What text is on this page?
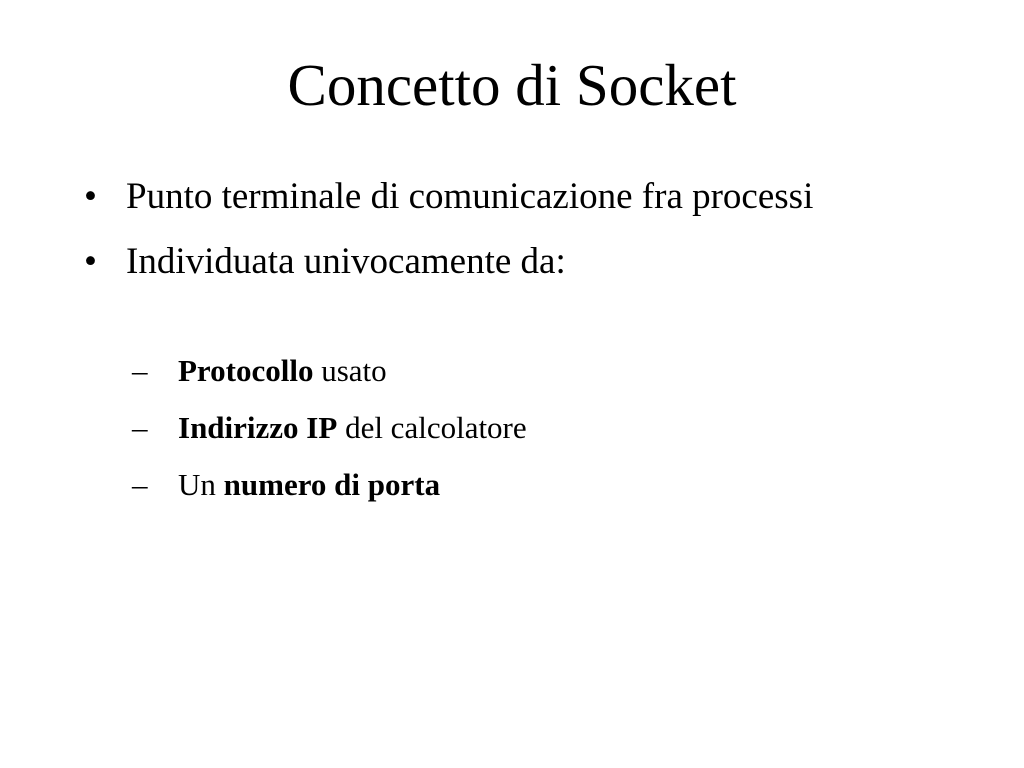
Concetto di Socket
• Punto terminale di comunicazione fra processi
• Individuata univocamente da:
– Protocollo usato
– Indirizzo IP del calcolatore
– Un numero di porta
